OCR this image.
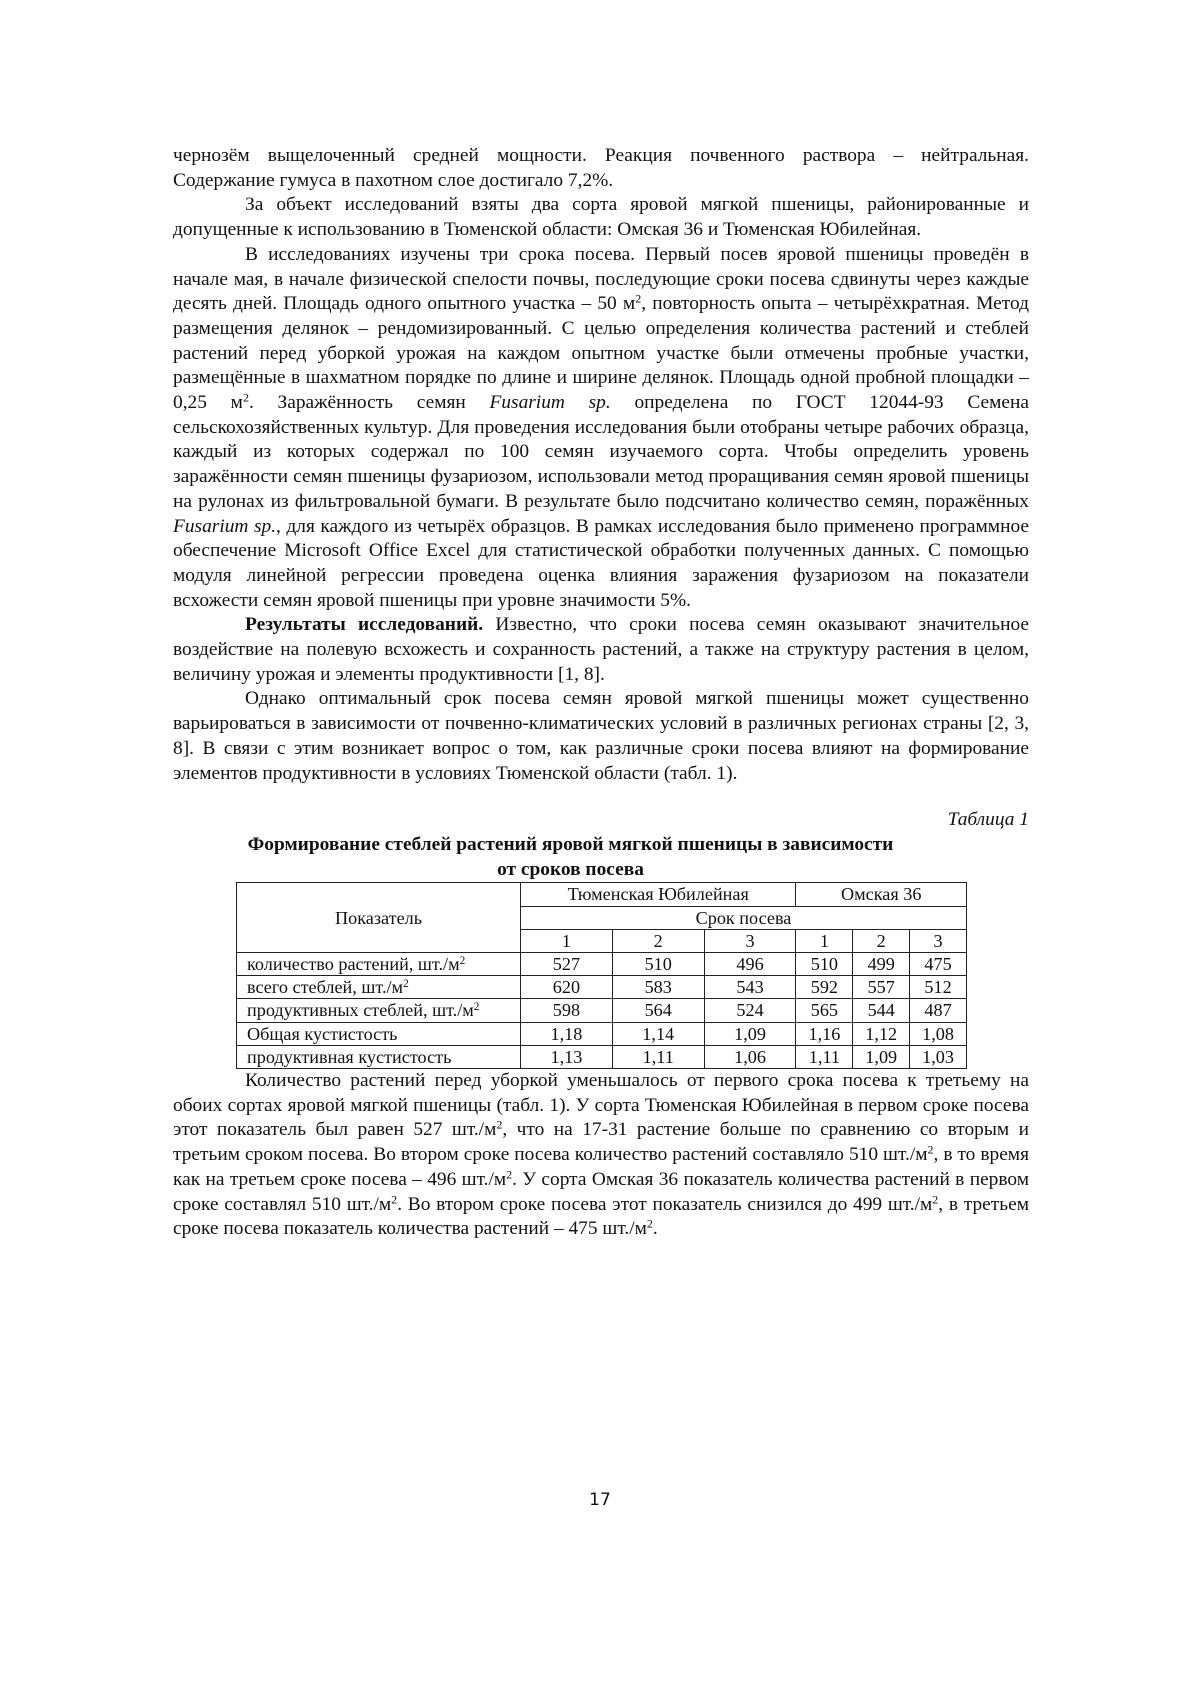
чернозём выщелоченный средней мощности. Реакция почвенного раствора – нейтральная. Содержание гумуса в пахотном слое достигало 7,2%.

За объект исследований взяты два сорта яровой мягкой пшеницы, районированные и допущенные к использованию в Тюменской области: Омская 36 и Тюменская Юбилейная.

В исследованиях изучены три срока посева. Первый посев яровой пшеницы проведён в начале мая, в начале физической спелости почвы, последующие сроки посева сдвинуты через каждые десять дней. Площадь одного опытного участка – 50 $м^2$, повторность опыта – четырёхкратная. Метод размещения делянок – рендомизированный. С целью определения количества растений и стеблей растений перед уборкой урожая на каждом опытном участке были отмечены пробные участки, размещённые в шахматном порядке по длине и ширине делянок. Площадь одной пробной площадки – 0,25 $м^2$. Заражённость семян Fusarium sp. определена по ГОСТ 12044-93 Семена сельскохозяйственных культур. Для проведения исследования были отобраны четыре рабочих образца, каждый из которых содержал по 100 семян изучаемого сорта. Чтобы определить уровень заражённости семян пшеницы фузариозом, использовали метод проращивания семян яровой пшеницы на рулонах из фильтровальной бумаги. В результате было подсчитано количество семян, поражённых Fusarium sp., для каждого из четырёх образцов. В рамках исследования было применено программное обеспечение Microsoft Office Excel для статистической обработки полученных данных. С помощью модуля линейной регрессии проведена оценка влияния заражения фузариозом на показатели всхожести семян яровой пшеницы при уровне значимости 5%.

Результаты исследований. Известно, что сроки посева семян оказывают значительное воздействие на полевую всхожесть и сохранность растений, а также на структуру растения в целом, величину урожая и элементы продуктивности [1, 8].

Однако оптимальный срок посева семян яровой мягкой пшеницы может существенно варьироваться в зависимости от почвенно-климатических условий в различных регионах страны [2, 3, 8]. В связи с этим возникает вопрос о том, как различные сроки посева влияют на формирование элементов продуктивности в условиях Тюменской области (табл. 1).

Таблица 1
Формирование стеблей растений яровой мягкой пшеницы в зависимости
от сроков посева
Показатель	Тюменская Юбилейная			Омская 36		
	Срок посева					
	1	2	3	1	2	3
количество растений, $шт./м^2$	527	510	496	510	499	475
всего стеблей, $шт./м^2$	620	583	543	592	557	512
продуктивных стеблей, $шт./м^2$	598	564	524	565	544	487
Общая кустистость	1,18	1,14	1,09	1,16	1,12	1,08
продуктивная кустистость	1,13	1,11	1,06	1,11	1,09	1,03

Количество растений перед уборкой уменьшалось от первого срока посева к третьему на обоих сортах яровой мягкой пшеницы (табл. 1). У сорта Тюменская Юбилейная в первом сроке посева этот показатель был равен 527 $шт./м^2$, что на 17-31 растение больше по сравнению со вторым и третьим сроком посева. Во втором сроке посева количество растений составляло 510 $шт./м^2$, в то время как на третьем сроке посева – 496 $шт./м^2$. У сорта Омская 36 показатель количества растений в первом сроке составлял 510 $шт./м^2$. Во втором сроке посева этот показатель снизился до 499 $шт./м^2$, в третьем сроке посева показатель количества растений – 475 $шт./м^2$.

17
